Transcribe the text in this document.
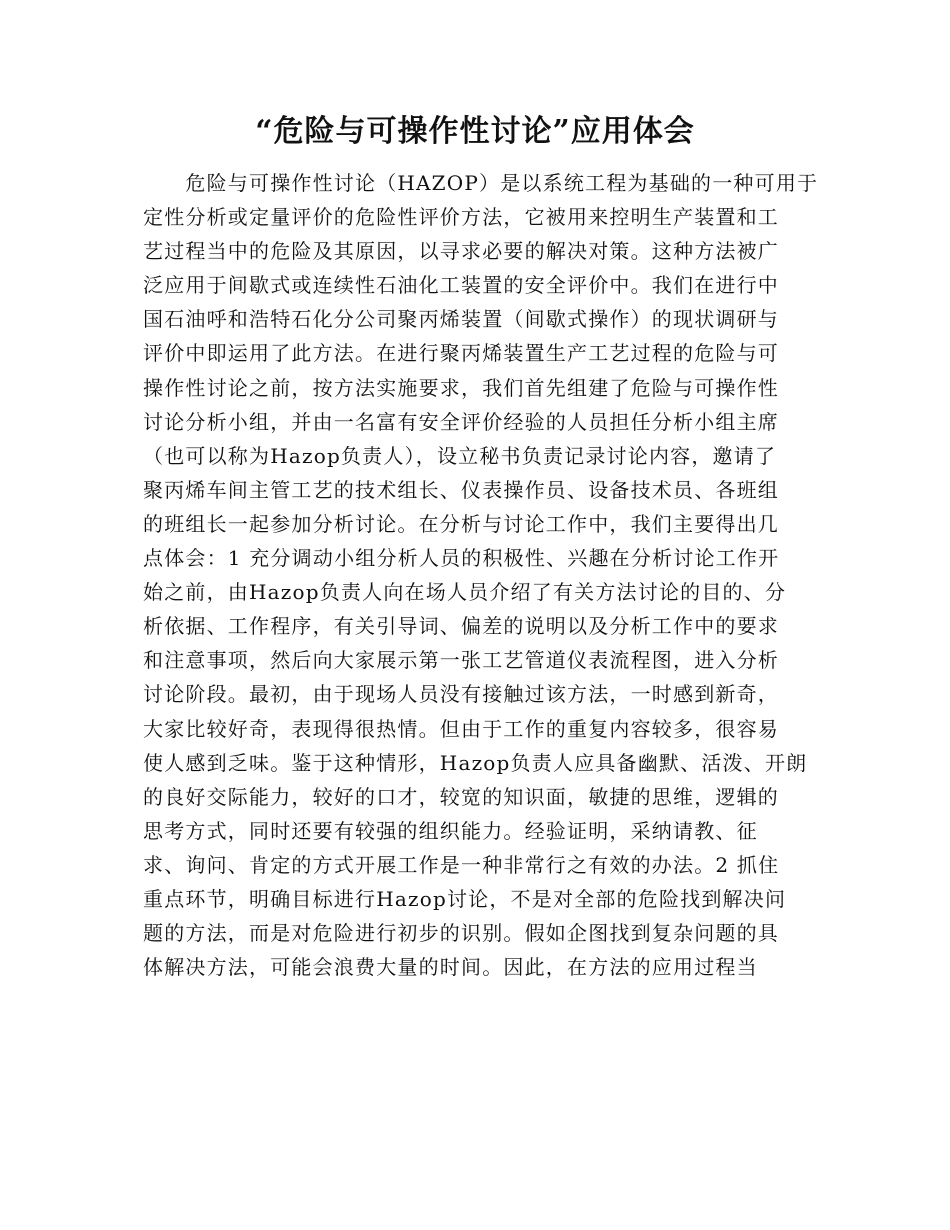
“危险与可操作性讨论”应用体会
　　危险与可操作性讨论（HAZOP）是以系统工程为基础的一种可用于
定性分析或定量评价的危险性评价方法，它被用来控明生产装置和工
艺过程当中的危险及其原因，以寻求必要的解决对策。这种方法被广
泛应用于间歇式或连续性石油化工装置的安全评价中。我们在进行中
国石油呼和浩特石化分公司聚丙烯装置（间歇式操作）的现状调研与
评价中即运用了此方法。在进行聚丙烯装置生产工艺过程的危险与可
操作性讨论之前，按方法实施要求，我们首先组建了危险与可操作性
讨论分析小组，并由一名富有安全评价经验的人员担任分析小组主席
（也可以称为Hazop负责人），设立秘书负责记录讨论内容，邀请了
聚丙烯车间主管工艺的技术组长、仪表操作员、设备技术员、各班组
的班组长一起参加分析讨论。在分析与讨论工作中，我们主要得出几
点体会：1 充分调动小组分析人员的积极性、兴趣在分析讨论工作开
始之前，由Hazop负责人向在场人员介绍了有关方法讨论的目的、分
析依据、工作程序，有关引导词、偏差的说明以及分析工作中的要求
和注意事项，然后向大家展示第一张工艺管道仪表流程图，进入分析
讨论阶段。最初，由于现场人员没有接触过该方法，一时感到新奇，
大家比较好奇，表现得很热情。但由于工作的重复内容较多，很容易
使人感到乏味。鉴于这种情形，Hazop负责人应具备幽默、活泼、开朗
的良好交际能力，较好的口才，较宽的知识面，敏捷的思维，逻辑的
思考方式，同时还要有较强的组织能力。经验证明，采纳请教、征
求、询问、肯定的方式开展工作是一种非常行之有效的办法。2 抓住
重点环节，明确目标进行Hazop讨论，不是对全部的危险找到解决问
题的方法，而是对危险进行初步的识别。假如企图找到复杂问题的具
体解决方法，可能会浪费大量的时间。因此，在方法的应用过程当
